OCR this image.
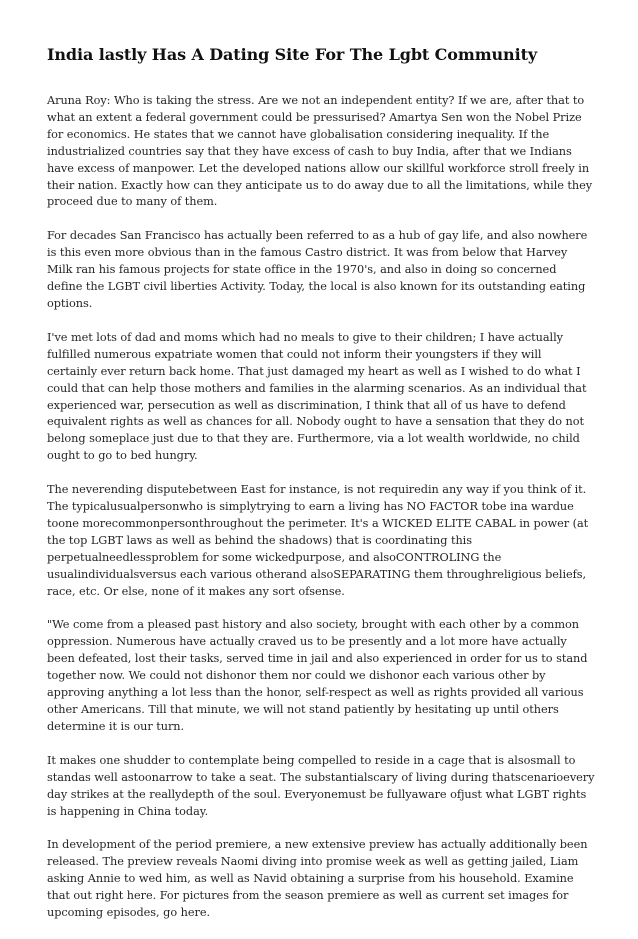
India lastly Has A Dating Site For The Lgbt Community

Aruna Roy: Who is taking the stress. Are we not an independent entity? If we are, after that to what an extent a federal government could be pressurised? Amartya Sen won the Nobel Prize for economics. He states that we cannot have globalisation considering inequality. If the industrialized countries say that they have excess of cash to buy India, after that we Indians have excess of manpower. Let the developed nations allow our skillful workforce stroll freely in their nation. Exactly how can they anticipate us to do away due to all the limitations, while they proceed due to many of them.

For decades San Francisco has actually been referred to as a hub of gay life, and also nowhere is this even more obvious than in the famous Castro district. It was from below that Harvey Milk ran his famous projects for state office in the 1970's, and also in doing so concerned define the LGBT civil liberties Activity. Today, the local is also known for its outstanding eating options.

I've met lots of dad and moms which had no meals to give to their children; I have actually fulfilled numerous expatriate women that could not inform their youngsters if they will certainly ever return back home. That just damaged my heart as well as I wished to do what I could that can help those mothers and families in the alarming scenarios. As an individual that experienced war, persecution as well as discrimination, I think that all of us have to defend equivalent rights as well as chances for all. Nobody ought to have a sensation that they do not belong someplace just due to that they are. Furthermore, via a lot wealth worldwide, no child ought to go to bed hungry.

The neverending disputebetween East for instance, is not requiredin any way if you think of it. The typicalusualpersonwho is simplytrying to earn a living has NO FACTOR tobe ina wardue toone morecommonpersonthroughout the perimeter. It's a WICKED ELITE CABAL in power (at the top LGBT laws as well as behind the shadows) that is coordinating this perpetualneedlessproblem for some wickedpurpose, and alsoCONTROLING the usualindividualsversus each various otherand alsoSEPARATING them throughreligious beliefs, race, etc. Or else, none of it makes any sort ofsense.

"We come from a pleased past history and also society, brought with each other by a common oppression. Numerous have actually craved us to be presently and a lot more have actually been defeated, lost their tasks, served time in jail and also experienced in order for us to stand together now. We could not dishonor them nor could we dishonor each various other by approving anything a lot less than the honor, self-respect as well as rights provided all various other Americans. Till that minute, we will not stand patiently by hesitating up until others determine it is our turn.

It makes one shudder to contemplate being compelled to reside in a cage that is alsosmall to standas well astoonarrow to take a seat. The substantialscary of living during thatscenarioevery day strikes at the reallydepth of the soul. Everyonemust be fullyaware ofjust what LGBT rights is happening in China today.

In development of the period premiere, a new extensive preview has actually additionally been released. The preview reveals Naomi diving into promise week as well as getting jailed, Liam asking Annie to wed him, as well as Navid obtaining a surprise from his household. Examine that out right here. For pictures from the season premiere as well as current set images for upcoming episodes, go here.
